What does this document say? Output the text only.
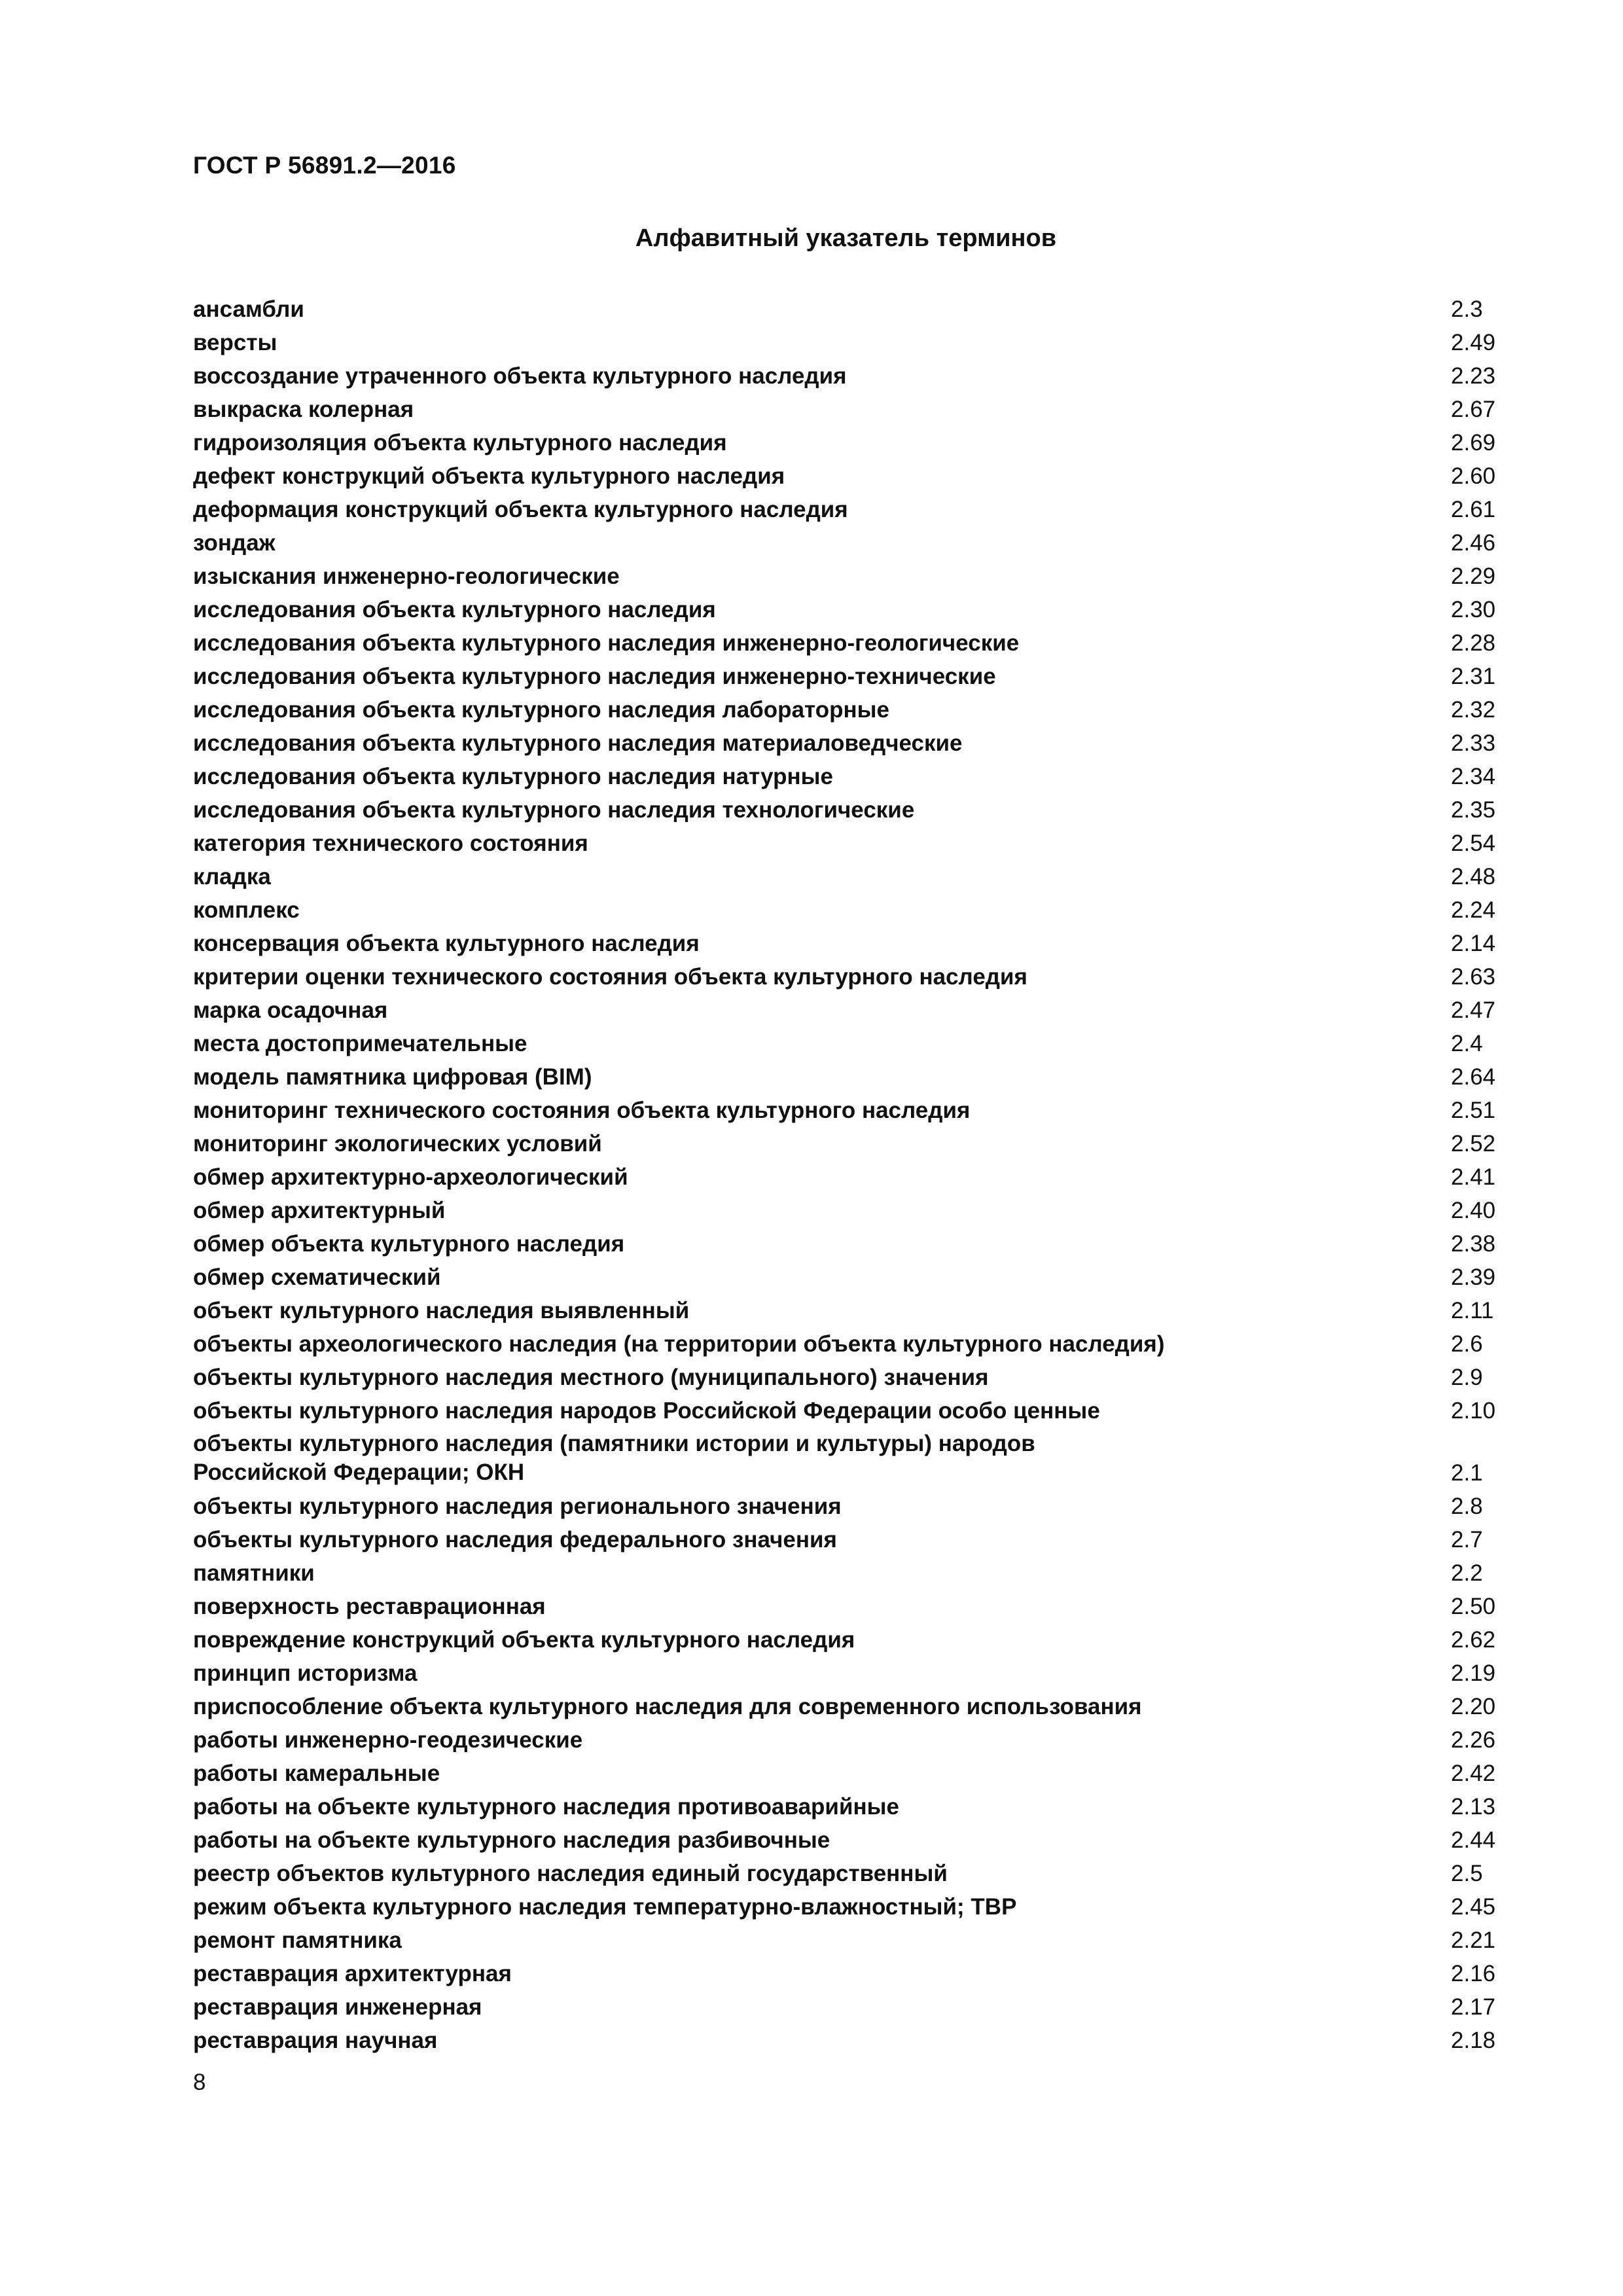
ГОСТ Р 56891.2—2016
Алфавитный указатель терминов
ансамбли	2.3
версты	2.49
воссоздание утраченного объекта культурного наследия	2.23
выкраска колерная	2.67
гидроизоляция объекта культурного наследия	2.69
дефект конструкций объекта культурного наследия	2.60
деформация конструкций объекта культурного наследия	2.61
зондаж	2.46
изыскания инженерно-геологические	2.29
исследования объекта культурного наследия	2.30
исследования объекта культурного наследия инженерно-геологические	2.28
исследования объекта культурного наследия инженерно-технические	2.31
исследования объекта культурного наследия лабораторные	2.32
исследования объекта культурного наследия материаловедческие	2.33
исследования объекта культурного наследия натурные	2.34
исследования объекта культурного наследия технологические	2.35
категория технического состояния	2.54
кладка	2.48
комплекс	2.24
консервация объекта культурного наследия	2.14
критерии оценки технического состояния объекта культурного наследия	2.63
марка осадочная	2.47
места достопримечательные	2.4
модель памятника цифровая (BIM)	2.64
мониторинг технического состояния объекта культурного наследия	2.51
мониторинг экологических условий	2.52
обмер архитектурно-археологический	2.41
обмер архитектурный	2.40
обмер объекта культурного наследия	2.38
обмер схематический	2.39
объект культурного наследия выявленный	2.11
объекты археологического наследия (на территории объекта культурного наследия)	2.6
объекты культурного наследия местного (муниципального) значения	2.9
объекты культурного наследия народов Российской Федерации особо ценные	2.10
объекты культурного наследия (памятники истории и культуры) народов
Российской Федерации; ОКН	2.1
объекты культурного наследия регионального значения	2.8
объекты культурного наследия федерального значения	2.7
памятники	2.2
поверхность реставрационная	2.50
повреждение конструкций объекта культурного наследия	2.62
принцип историзма	2.19
приспособление объекта культурного наследия для современного использования	2.20
работы инженерно-геодезические	2.26
работы камеральные	2.42
работы на объекте культурного наследия противоаварийные	2.13
работы на объекте культурного наследия разбивочные	2.44
реестр объектов культурного наследия единый государственный	2.5
режим объекта культурного наследия температурно-влажностный; ТВР	2.45
ремонт памятника	2.21
реставрация архитектурная	2.16
реставрация инженерная	2.17
реставрация научная	2.18
8
